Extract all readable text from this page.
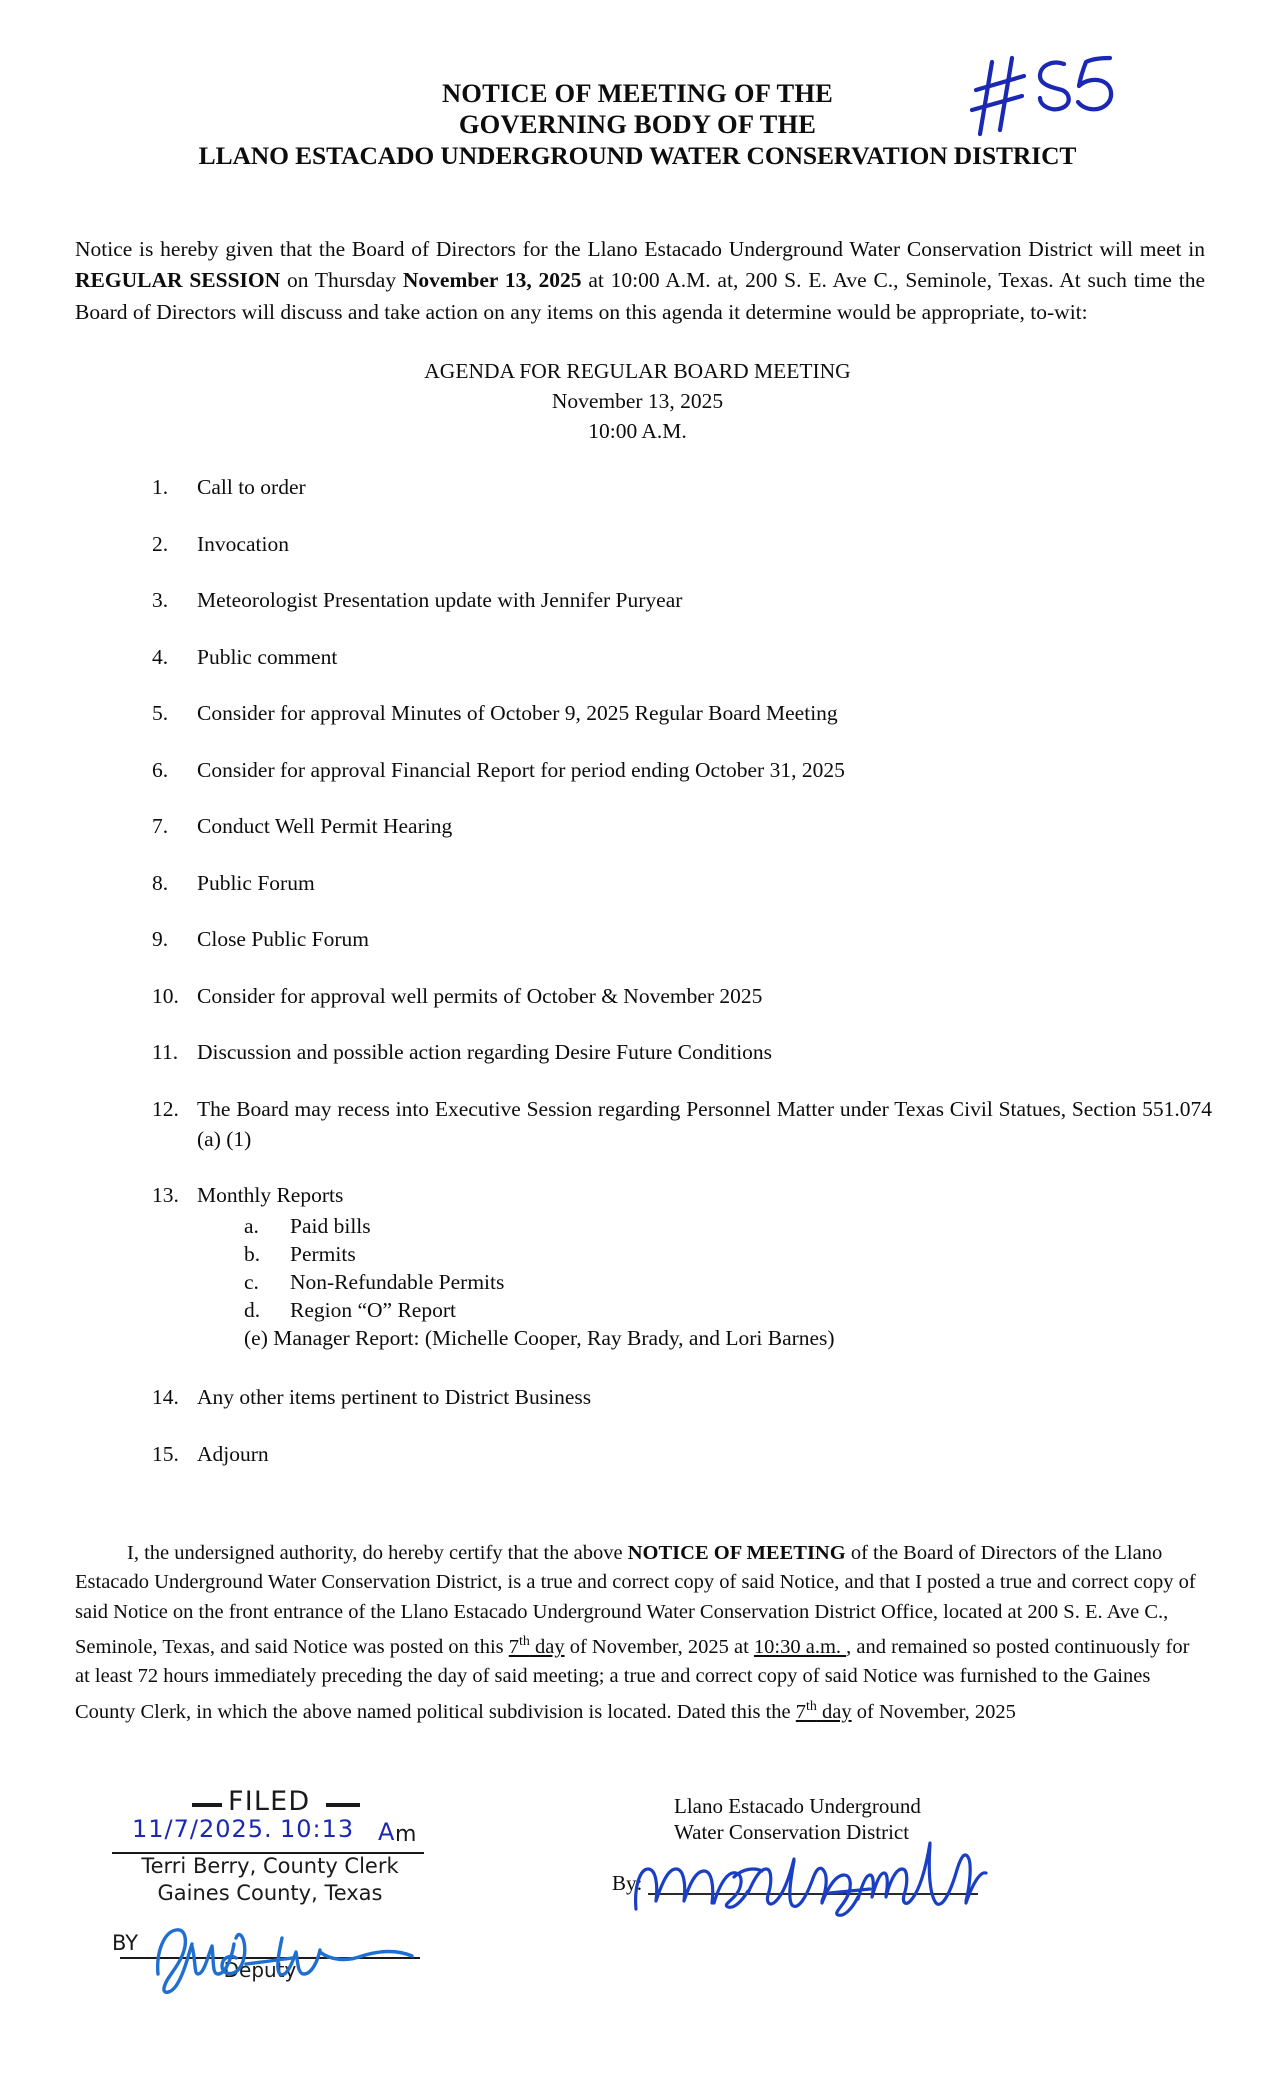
NOTICE OF MEETING OF THE
GOVERNING BODY OF THE
LLANO ESTACADO UNDERGROUND WATER CONSERVATION DISTRICT

Notice is hereby given that the Board of Directors for the Llano Estacado Underground Water Conservation District will meet in REGULAR SESSION on Thursday November 13, 2025 at 10:00 A.M. at, 200 S. E. Ave C., Seminole, Texas. At such time the Board of Directors will discuss and take action on any items on this agenda it determine would be appropriate, to-wit:

AGENDA FOR REGULAR BOARD MEETING
November 13, 2025
10:00 A.M.
1.	Call to order
2.	Invocation
3.	Meteorologist Presentation update with Jennifer Puryear
4.	Public comment
5.	Consider for approval Minutes of October 9, 2025 Regular Board Meeting
6.	Consider for approval Financial Report for period ending October 31, 2025
7.	Conduct Well Permit Hearing
8.	Public Forum
9.	Close Public Forum
10. Consider for approval well permits of October & November 2025
11. Discussion and possible action regarding Desire Future Conditions
12. The Board may recess into Executive Session regarding Personnel Matter under Texas Civil Statues, Section 551.074 (a) (1)
13. Monthly Reports
a.	Paid bills
b.	Permits
c.	Non-Refundable Permits
d.	Region “O” Report
(e) Manager Report: (Michelle Cooper, Ray Brady, and Lori Barnes)
14. Any other items pertinent to District Business
15. Adjourn

I, the undersigned authority, do hereby certify that the above NOTICE OF MEETING of the Board of Directors of the Llano Estacado Underground Water Conservation District, is a true and correct copy of said Notice, and that I posted a true and correct copy of said Notice on the front entrance of the Llano Estacado Underground Water Conservation District Office, located at 200 S. E. Ave C., Seminole, Texas, and said Notice was posted on this 7th day of November, 2025 at 10:30 a.m. , and remained so posted continuously for at least 72 hours immediately preceding the day of said meeting; a true and correct copy of said Notice was furnished to the Gaines County Clerk, in which the above named political subdivision is located. Dated this the 7th day of November, 2025

FILED
11/7/2025. 10:13 A m
Terri Berry, County Clerk
Gaines County, Texas
BY
Deputy
Llano Estacado Underground
Water Conservation District
By:
